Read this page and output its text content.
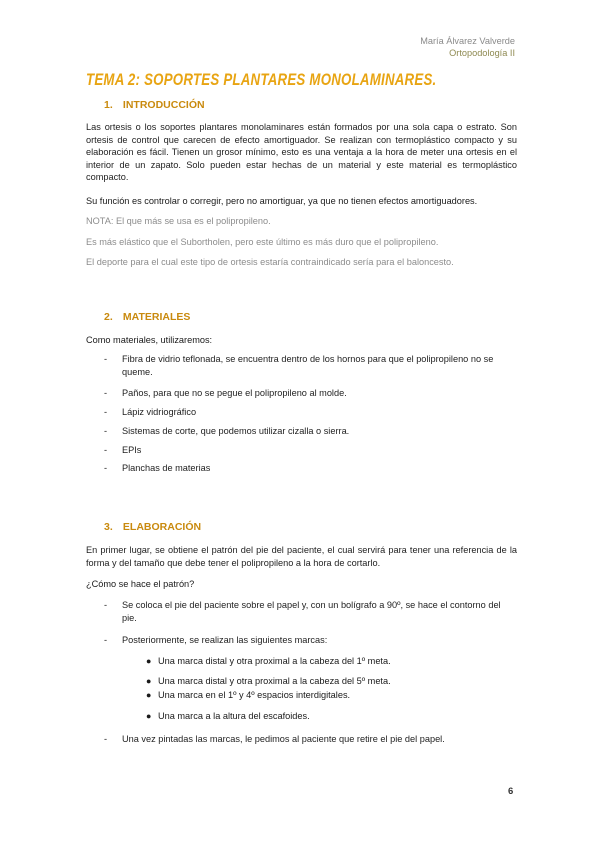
María Álvarez Valverde
Ortopodología II
TEMA 2: SOPORTES PLANTARES MONOLAMINARES.
1. INTRODUCCIÓN
Las ortesis o los soportes plantares monolaminares están formados por una sola capa o estrato. Son ortesis de control que carecen de efecto amortiguador. Se realizan con termoplástico compacto y su elaboración es fácil. Tienen un grosor mínimo, esto es una ventaja a la hora de meter una ortesis en el interior de un zapato. Solo pueden estar hechas de un material y este material es termoplástico compacto.
Su función es controlar o corregir, pero no amortiguar, ya que no tienen efectos amortiguadores.
NOTA: El que más se usa es el polipropileno.
Es más elástico que el Subortholen, pero este último es más duro que el polipropileno.
El deporte para el cual este tipo de ortesis estaría contraindicado sería para el baloncesto.
2. MATERIALES
Como materiales, utilizaremos:
- Fibra de vidrio teflonada, se encuentra dentro de los hornos para que el polipropileno no se queme.
- Paños, para que no se pegue el polipropileno al molde.
- Lápiz vidriográfico
- Sistemas de corte, que podemos utilizar cizalla o sierra.
- EPIs
- Planchas de materias
3. ELABORACIÓN
En primer lugar, se obtiene el patrón del pie del paciente, el cual servirá para tener una referencia de la forma y del tamaño que debe tener el polipropileno a la hora de cortarlo.
¿Cómo se hace el patrón?
- Se coloca el pie del paciente sobre el papel y, con un bolígrafo a 90º, se hace el contorno del pie.
- Posteriormente, se realizan las siguientes marcas:
● Una marca distal y otra proximal a la cabeza del 1º meta.
● Una marca distal y otra proximal a la cabeza del 5º meta.
● Una marca en el 1º y 4º espacios interdigitales.
● Una marca a la altura del escafoides.
- Una vez pintadas las marcas, le pedimos al paciente que retire el pie del papel.
6
